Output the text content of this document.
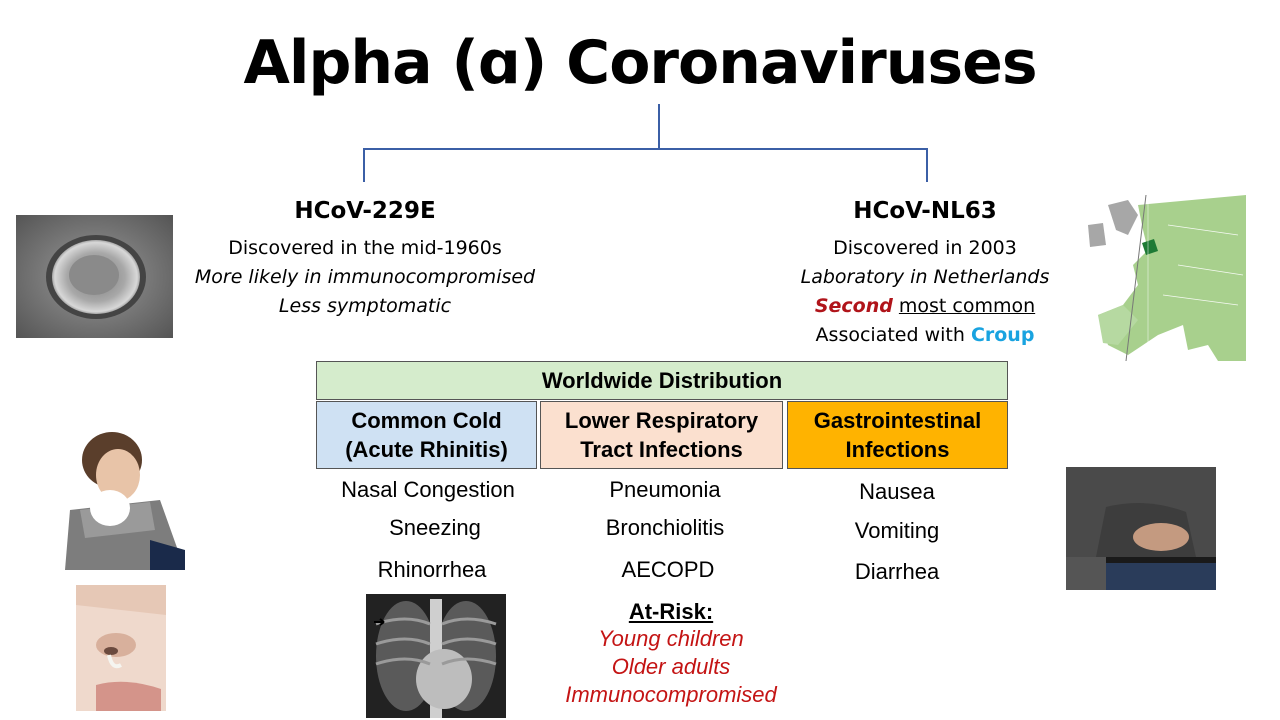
Alpha (ɑ) Coronaviruses
HCoV-229E
Discovered in the mid-1960s
More likely in immunocompromised
Less symptomatic
HCoV-NL63
Discovered in 2003
Laboratory in Netherlands
Second most common
Associated with Croup
Worldwide Distribution
Common Cold (Acute Rhinitis)
Lower Respiratory Tract Infections
Gastrointestinal Infections
Nasal Congestion
Sneezing
Rhinorrhea
Pneumonia
Bronchiolitis
AECOPD
Nausea
Vomiting
Diarrhea
At-Risk:
Young children
Older adults
Immunocompromised
